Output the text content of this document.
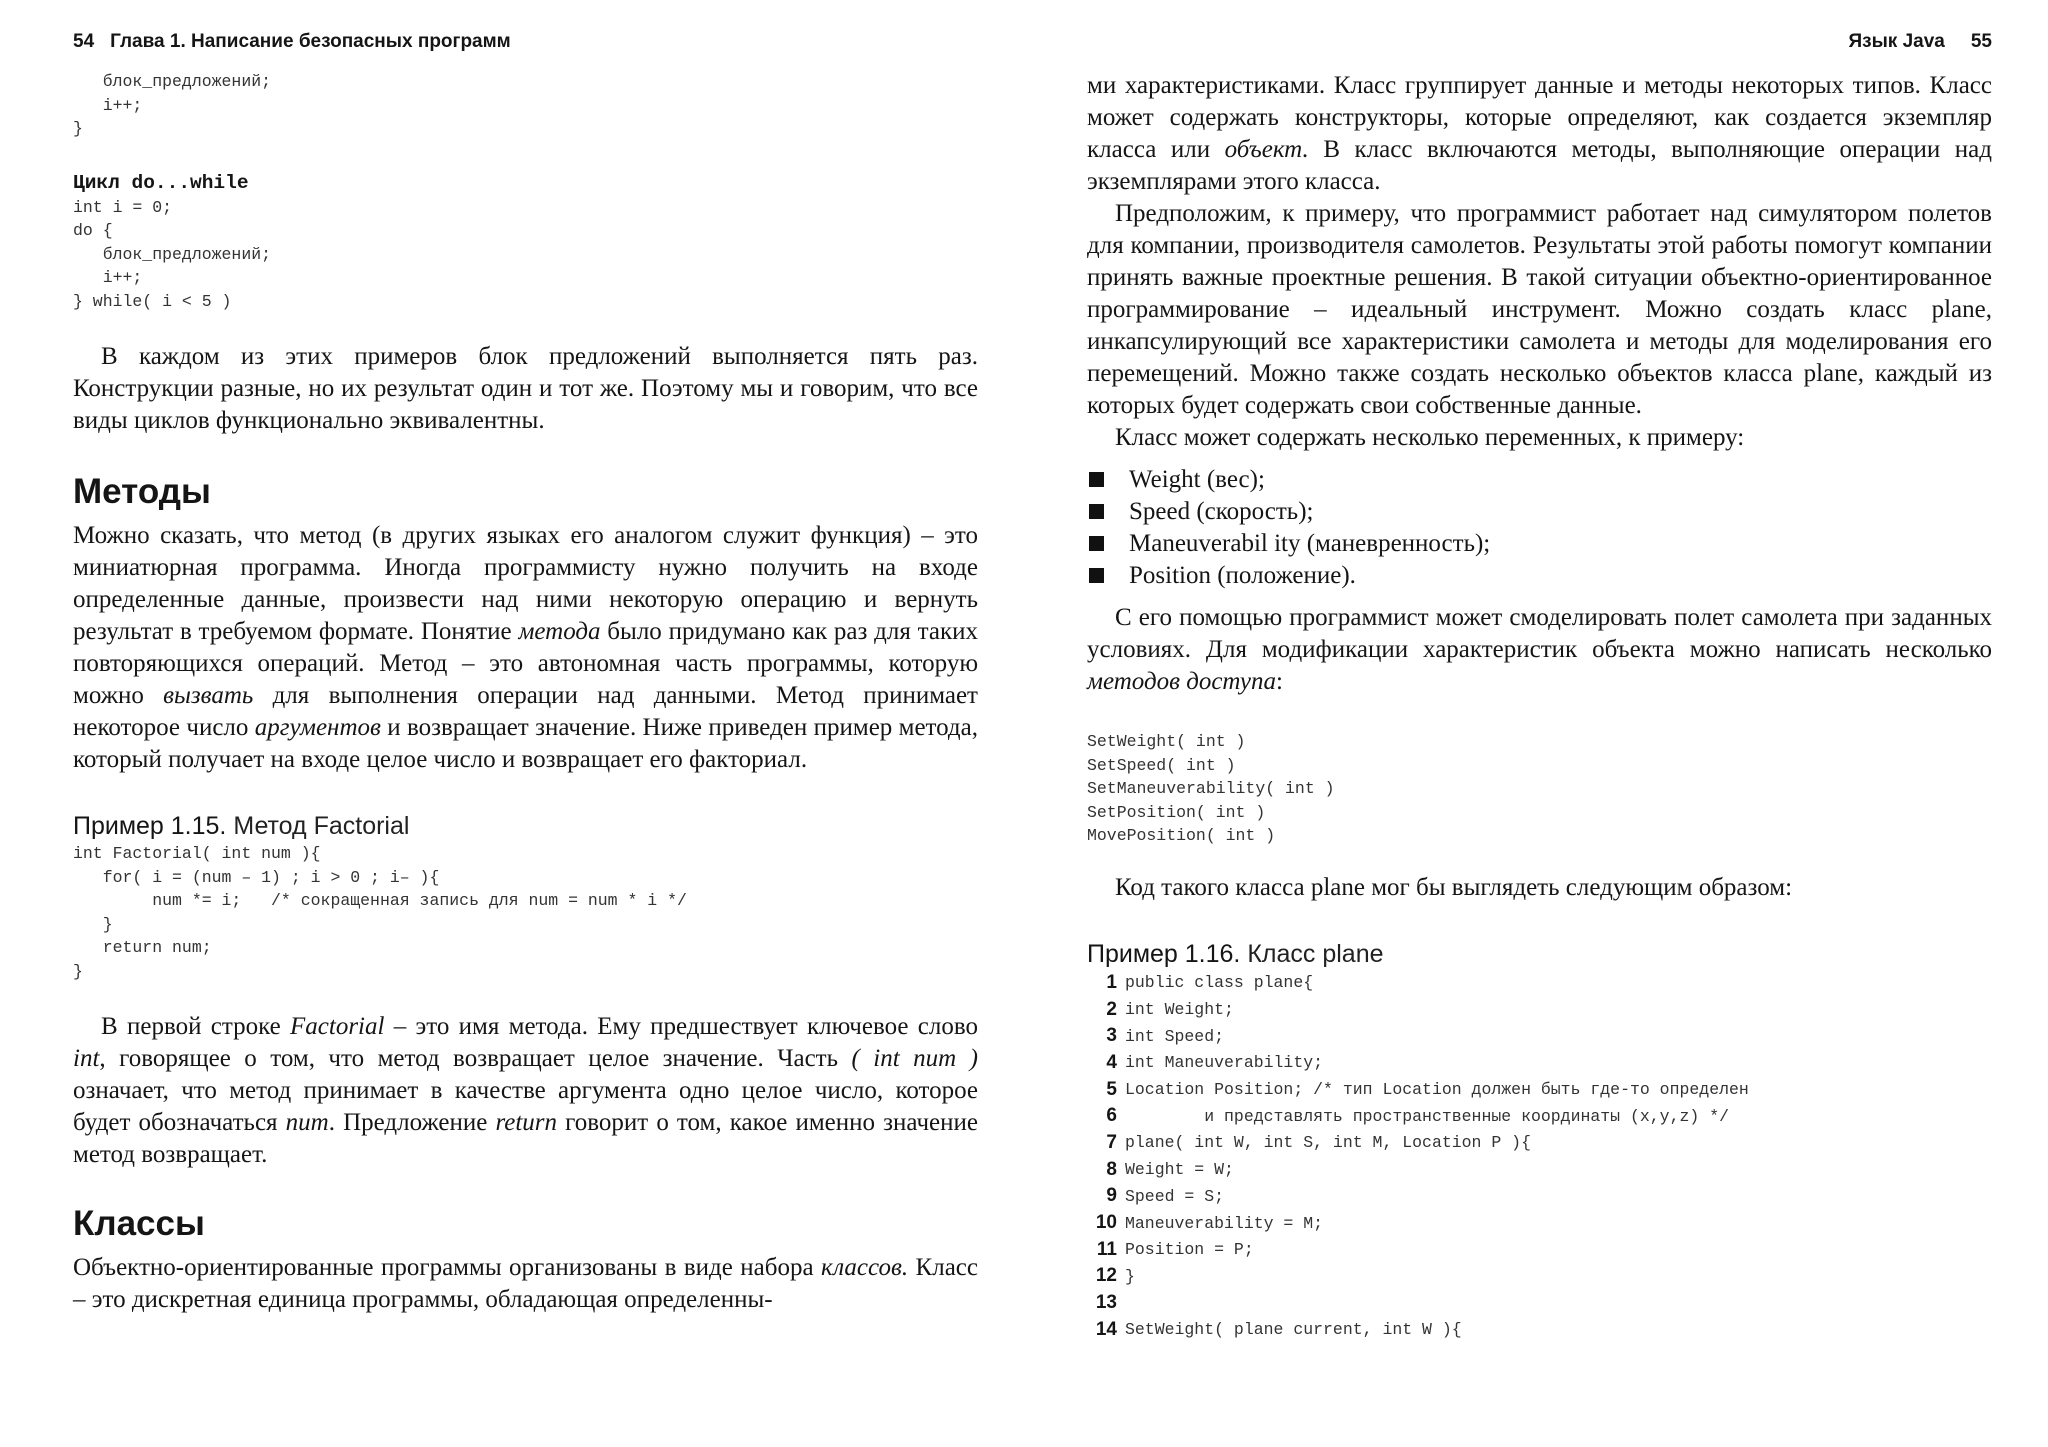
54 Глава 1. Написание безопасных программ
блок_предложений;
i++;
}
Цикл do...while
int i = 0;
do {
блок_предложений;
i++;
} while( i < 5 )

В каждом из этих примеров блок предложений выполняется пять раз. Конструкции разные, но их результат один и тот же. Поэтому мы и говорим, что все виды циклов функционально эквивалентны.

Методы

Можно сказать, что метод (в других языках его аналогом служит функция) – это миниатюрная программа. Иногда программисту нужно получить на входе определенные данные, произвести над ними некоторую операцию и вернуть результат в требуемом формате. Понятие метода было придумано как раз для таких повторяющихся операций. Метод – это автономная часть программы, которую можно вызвать для выполнения операции над данными. Метод принимает некоторое число аргументов и возвращает значение. Ниже приведен пример метода, который получает на входе целое число и возвращает его факториал.

Пример 1.15. Метод Factorial
int Factorial( int num ){
for( i = (num – 1) ; i > 0 ; i– ){
num *= i;   /* сокращенная запись для num = num * i */
}
return num;
}

В первой строке Factorial – это имя метода. Ему предшествует ключевое слово int, говорящее о том, что метод возвращает целое значение. Часть ( int num ) означает, что метод принимает в качестве аргумента одно целое число, которое будет обозначаться num. Предложение return говорит о том, какое именно значение метод возвращает.

Классы

Объектно-ориентированные программы организованы в виде набора классов. Класс – это дискретная единица программы, обладающая определенны-

Язык Java 55

ми характеристиками. Класс группирует данные и методы некоторых типов. Класс может содержать конструкторы, которые определяют, как создается экземпляр класса или объект. В класс включаются методы, выполняющие операции над экземплярами этого класса.

Предположим, к примеру, что программист работает над симулятором полетов для компании, производителя самолетов. Результаты этой работы помогут компании принять важные проектные решения. В такой ситуации объектно-ориентированное программирование – идеальный инструмент. Можно создать класс plane, инкапсулирующий все характеристики самолета и методы для моделирования его перемещений. Можно также создать несколько объектов класса plane, каждый из которых будет содержать свои собственные данные.

Класс может содержать несколько переменных, к примеру:

Weight (вес);
Speed (скорость);
Maneuverabil ity (маневренность);
Position (положение).

С его помощью программист может смоделировать полет самолета при заданных условиях. Для модификации характеристик объекта можно написать несколько методов доступа:

SetWeight( int )
SetSpeed( int )
SetManeuverability( int )
SetPosition( int )
MovePosition( int )

Код такого класса plane мог бы выглядеть следующим образом:

Пример 1.16. Класс plane
1 public class plane{
2 int Weight;
3 int Speed;
4 int Maneuverability;
5 Location Position; /* тип Location должен быть где-то определен
6 и представлять пространственные координаты (x,y,z) */
7 plane( int W, int S, int M, Location P ){
8 Weight = W;
9 Speed = S;
10 Maneuverability = M;
11 Position = P;
12 }
13
14 SetWeight( plane current, int W ){
